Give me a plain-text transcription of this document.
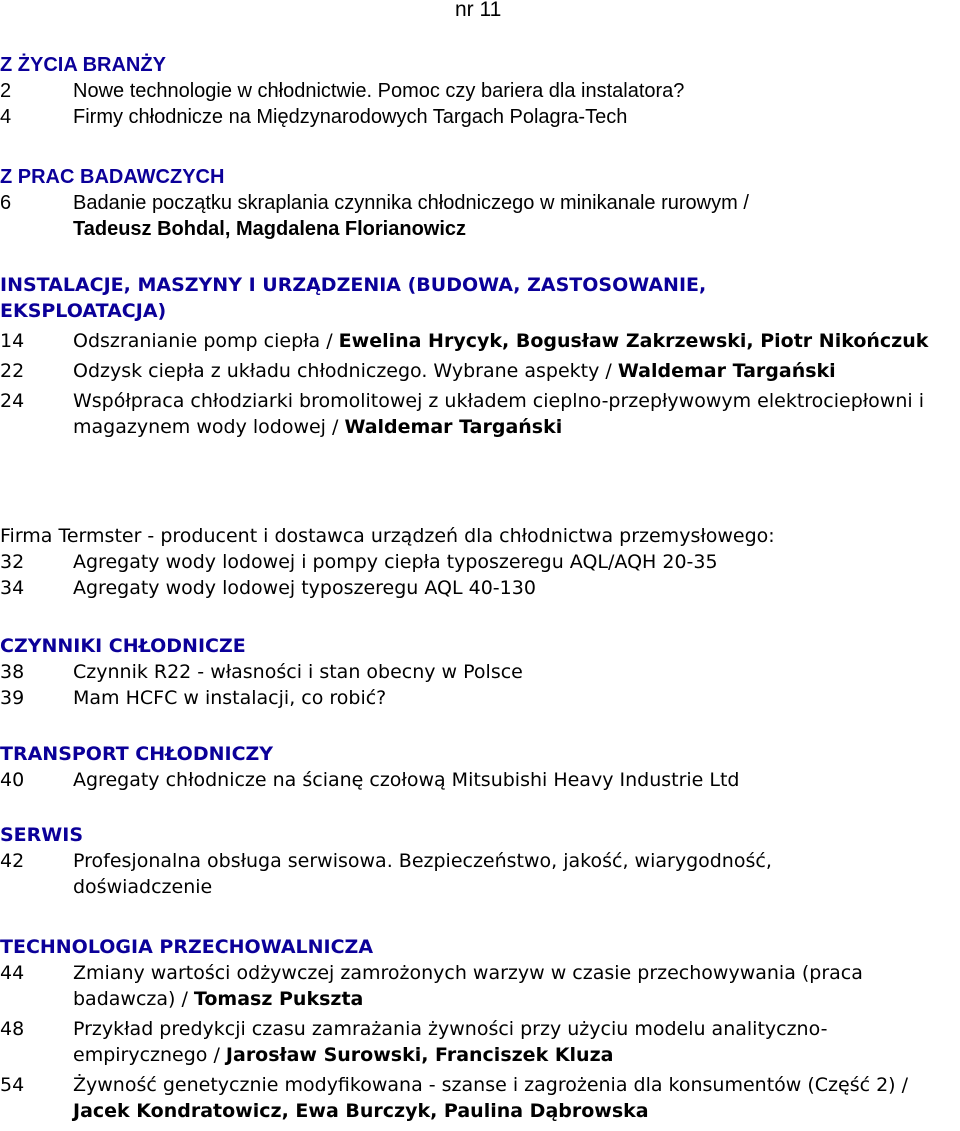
nr 11
Z ŻYCIA BRANŻY
2	Nowe technologie w chłodnictwie. Pomoc czy bariera dla instalatora?
4	Firmy chłodnicze na Międzynarodowych Targach Polagra-Tech
Z PRAC BADAWCZYCH
6	Badanie początku skraplania czynnika chłodniczego w minikanale rurowym /
Tadeusz Bohdal, Magdalena Florianowicz
INSTALACJE, MASZYNY I URZĄDZENIA (BUDOWA, ZASTOSOWANIE,
EKSPLOATACJA)
14	Odszranianie pomp ciepła / Ewelina Hrycyk, Bogusław Zakrzewski, Piotr Nikończuk
22	Odzysk ciepła z układu chłodniczego. Wybrane aspekty / Waldemar Targański
24	Współpraca chłodziarki bromolitowej z układem cieplno-przepływowym elektrociepłowni i magazynem wody lodowej / Waldemar Targański
Firma Termster - producent i dostawca urządzeń dla chłodnictwa przemysłowego:
32	Agregaty wody lodowej i pompy ciepła typoszeregu AQL/AQH 20-35
34	Agregaty wody lodowej typoszeregu AQL 40-130
CZYNNIKI CHŁODNICZE
38	Czynnik R22 - własności i stan obecny w Polsce
39	Mam HCFC w instalacji, co robić?
TRANSPORT CHŁODNICZY
40	Agregaty chłodnicze na ścianę czołową Mitsubishi Heavy Industrie Ltd
SERWIS
42	Profesjonalna obsługa serwisowa. Bezpieczeństwo, jakość, wiarygodność, doświadczenie
TECHNOLOGIA PRZECHOWALNICZA
44	Zmiany wartości odżywczej zamrożonych warzyw w czasie przechowywania (praca badawcza) / Tomasz Pukszta
48	Przykład predykcji czasu zamrażania żywności przy użyciu modelu analityczno-empirycznego / Jarosław Surowski, Franciszek Kluza
54	Żywność genetycznie modyfikowana - szanse i zagrożenia dla konsumentów (Część 2) / Jacek Kondratowicz, Ewa Burczyk, Paulina Dąbrowska
